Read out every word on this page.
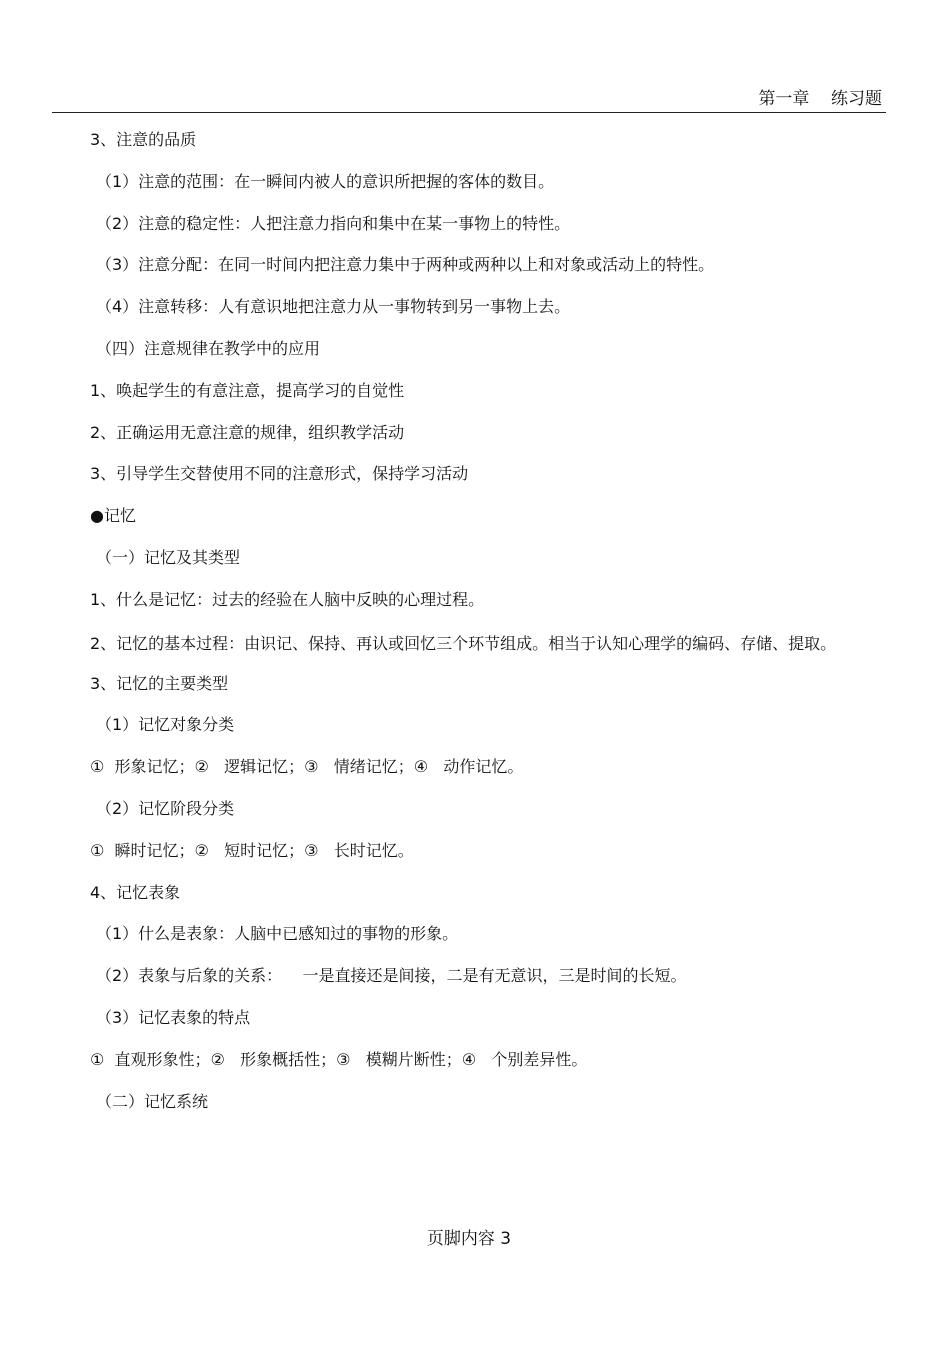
第一章    练习题

3、注意的品质

（1）注意的范围：在一瞬间内被人的意识所把握的客体的数目。

（2）注意的稳定性：人把注意力指向和集中在某一事物上的特性。

（3）注意分配：在同一时间内把注意力集中于两种或两种以上和对象或活动上的特性。

（4）注意转移：人有意识地把注意力从一事物转到另一事物上去。

（四）注意规律在教学中的应用

1、唤起学生的有意注意，提高学习的自觉性

2、正确运用无意注意的规律，组织教学活动

3、引导学生交替使用不同的注意形式，保持学习活动

●记忆

（一）记忆及其类型

1、什么是记忆：过去的经验在人脑中反映的心理过程。

2、记忆的基本过程：由识记、保持、再认或回忆三个环节组成。相当于认知心理学的编码、存储、提取。

3、记忆的主要类型

（1）记忆对象分类

①  形象记忆；②   逻辑记忆；③   情绪记忆；④   动作记忆。

（2）记忆阶段分类

①  瞬时记忆；②   短时记忆；③   长时记忆。

4、记忆表象

（1）什么是表象：人脑中已感知过的事物的形象。

（2）表象与后象的关系：    一是直接还是间接，二是有无意识，三是时间的长短。

（3）记忆表象的特点

①  直观形象性；②   形象概括性；③   模糊片断性；④   个别差异性。

（二）记忆系统

页脚内容 3
